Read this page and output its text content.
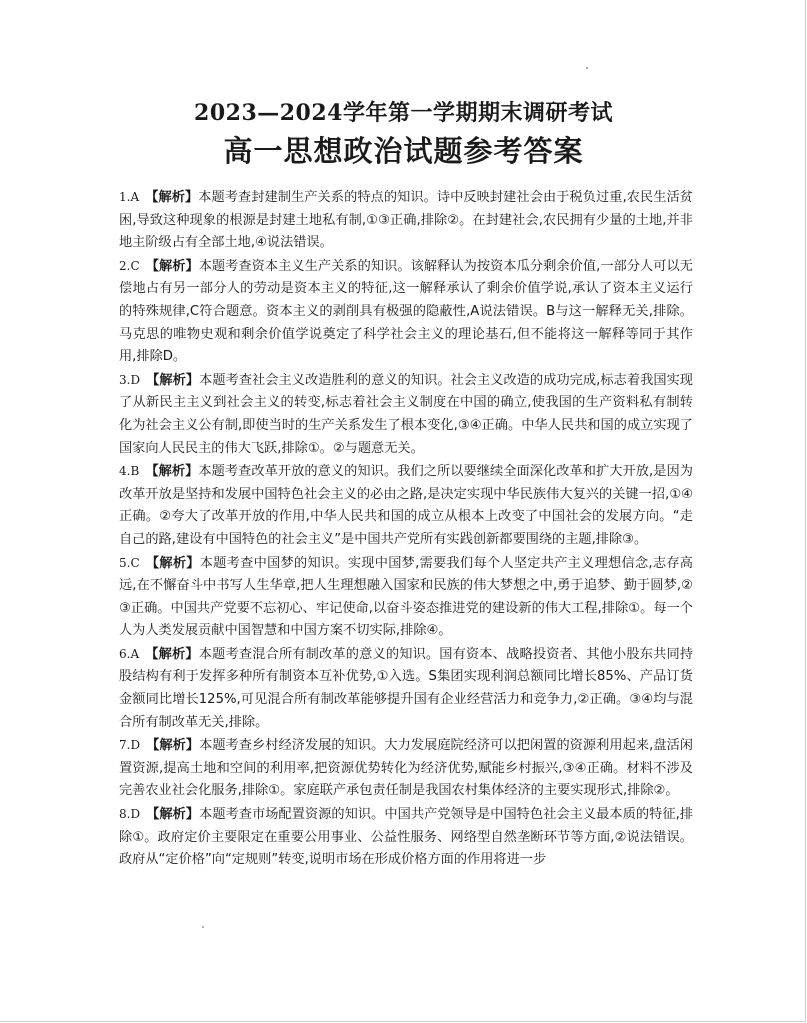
2023—2024学年第一学期期末调研考试
高一思想政治试题参考答案
1.A 【解析】本题考查封建制生产关系的特点的知识。诗中反映封建社会由于税负过重,农民生活贫困,导致这种现象的根源是封建土地私有制,①③正确,排除②。在封建社会,农民拥有少量的土地,并非地主阶级占有全部土地,④说法错误。
2.C 【解析】本题考查资本主义生产关系的知识。该解释认为按资本瓜分剩余价值,一部分人可以无偿地占有另一部分人的劳动是资本主义的特征,这一解释承认了剩余价值学说,承认了资本主义运行的特殊规律,C符合题意。资本主义的剥削具有极强的隐蔽性,A说法错误。B与这一解释无关,排除。马克思的唯物史观和剩余价值学说奠定了科学社会主义的理论基石,但不能将这一解释等同于其作用,排除D。
3.D 【解析】本题考查社会主义改造胜利的意义的知识。社会主义改造的成功完成,标志着我国实现了从新民主主义到社会主义的转变,标志着社会主义制度在中国的确立,使我国的生产资料私有制转化为社会主义公有制,即使当时的生产关系发生了根本变化,③④正确。中华人民共和国的成立实现了国家向人民民主的伟大飞跃,排除①。②与题意无关。
4.B 【解析】本题考查改革开放的意义的知识。我们之所以要继续全面深化改革和扩大开放,是因为改革开放是坚持和发展中国特色社会主义的必由之路,是决定实现中华民族伟大复兴的关键一招,①④正确。②夸大了改革开放的作用,中华人民共和国的成立从根本上改变了中国社会的发展方向。“走自己的路,建设有中国特色的社会主义”是中国共产党所有实践创新都要围绕的主题,排除③。
5.C 【解析】本题考查中国梦的知识。实现中国梦,需要我们每个人坚定共产主义理想信念,志存高远,在不懈奋斗中书写人生华章,把人生理想融入国家和民族的伟大梦想之中,勇于追梦、勤于圆梦,②③正确。中国共产党要不忘初心、牢记使命,以奋斗姿态推进党的建设新的伟大工程,排除①。每一个人为人类发展贡献中国智慧和中国方案不切实际,排除④。
6.A 【解析】本题考查混合所有制改革的意义的知识。国有资本、战略投资者、其他小股东共同持股结构有利于发挥多种所有制资本互补优势,①入选。S集团实现利润总额同比增长85%、产品订货金额同比增长125%,可见混合所有制改革能够提升国有企业经营活力和竞争力,②正确。③④均与混合所有制改革无关,排除。
7.D 【解析】本题考查乡村经济发展的知识。大力发展庭院经济可以把闲置的资源利用起来,盘活闲置资源,提高土地和空间的利用率,把资源优势转化为经济优势,赋能乡村振兴,③④正确。材料不涉及完善农业社会化服务,排除①。家庭联产承包责任制是我国农村集体经济的主要实现形式,排除②。
8.D 【解析】本题考查市场配置资源的知识。中国共产党领导是中国特色社会主义最本质的特征,排除①。政府定价主要限定在重要公用事业、公益性服务、网络型自然垄断环节等方面,②说法错误。政府从“定价格”向“定规则”转变,说明市场在形成价格方面的作用将进一步
